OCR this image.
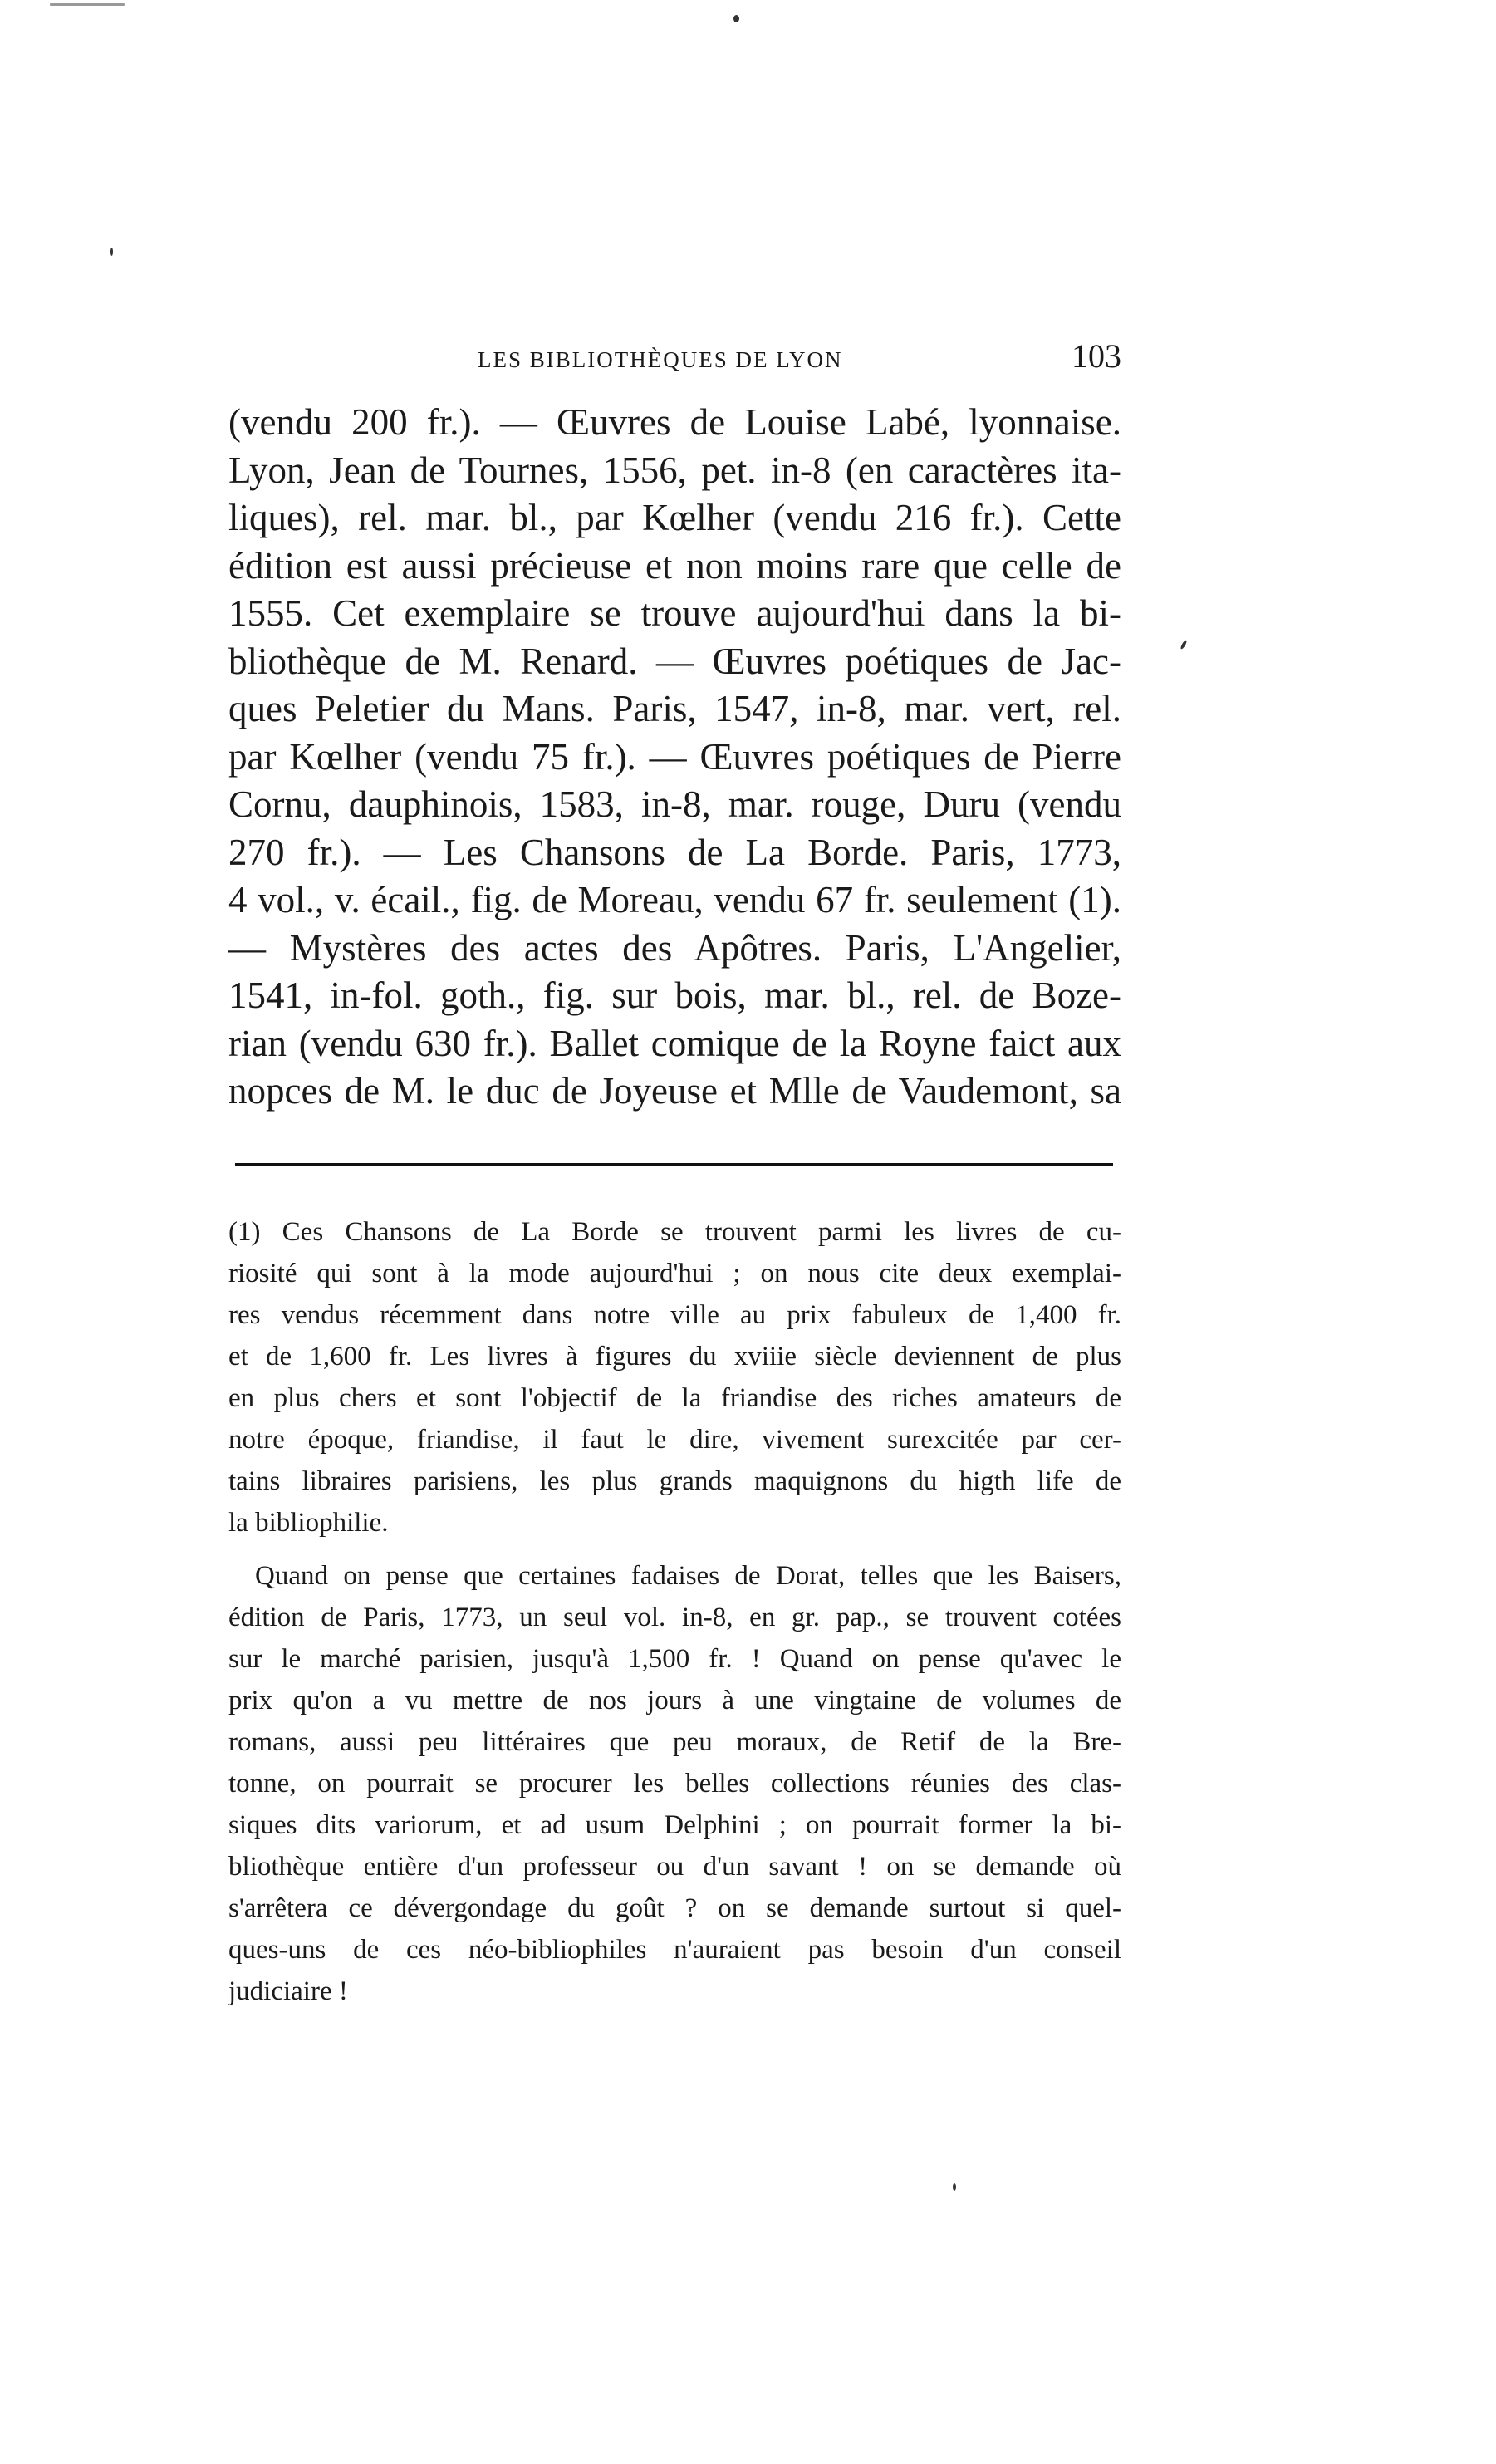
LES BIBLIOTHÈQUES DE LYON	103
(vendu 200 fr.). — Œuvres de Louise Labé, lyonnaise.
Lyon, Jean de Tournes, 1556, pet. in-8 (en caractères ita-
liques), rel. mar. bl., par Kœlher (vendu 216 fr.). Cette
édition est aussi précieuse et non moins rare que celle de
1555. Cet exemplaire se trouve aujourd'hui dans la bi-
bliothèque de M. Renard. — Œuvres poétiques de Jac-
ques Peletier du Mans. Paris, 1547, in-8, mar. vert, rel.
par Kœlher (vendu 75 fr.). — Œuvres poétiques de Pierre
Cornu, dauphinois, 1583, in-8, mar. rouge, Duru (vendu
270 fr.). — Les Chansons de La Borde. Paris, 1773,
4 vol., v. écail., fig. de Moreau, vendu 67 fr. seulement (1).
— Mystères des actes des Apôtres. Paris, L'Angelier,
1541, in-fol. goth., fig. sur bois, mar. bl., rel. de Boze-
rian (vendu 630 fr.). Ballet comique de la Royne faict aux
nopces de M. le duc de Joyeuse et Mlle de Vaudemont, sa
(1) Ces Chansons de La Borde se trouvent parmi les livres de cu-
riosité qui sont à la mode aujourd'hui ; on nous cite deux exemplai-
res vendus récemment dans notre ville au prix fabuleux de 1,400 fr.
et de 1,600 fr. Les livres à figures du xviiie siècle deviennent de plus
en plus chers et sont l'objectif de la friandise des riches amateurs de
notre époque, friandise, il faut le dire, vivement surexcitée par cer-
tains libraires parisiens, les plus grands maquignons du higth life de
la bibliophilie.
Quand on pense que certaines fadaises de Dorat, telles que les Baisers,
édition de Paris, 1773, un seul vol. in-8, en gr. pap., se trouvent cotées
sur le marché parisien, jusqu'à 1,500 fr. ! Quand on pense qu'avec le
prix qu'on a vu mettre de nos jours à une vingtaine de volumes de
romans, aussi peu littéraires que peu moraux, de Retif de la Bre-
tonne, on pourrait se procurer les belles collections réunies des clas-
siques dits variorum, et ad usum Delphini ; on pourrait former la bi-
bliothèque entière d'un professeur ou d'un savant ! on se demande où
s'arrêtera ce dévergondage du goût ? on se demande surtout si quel-
ques-uns de ces néo-bibliophiles n'auraient pas besoin d'un conseil
judiciaire !
